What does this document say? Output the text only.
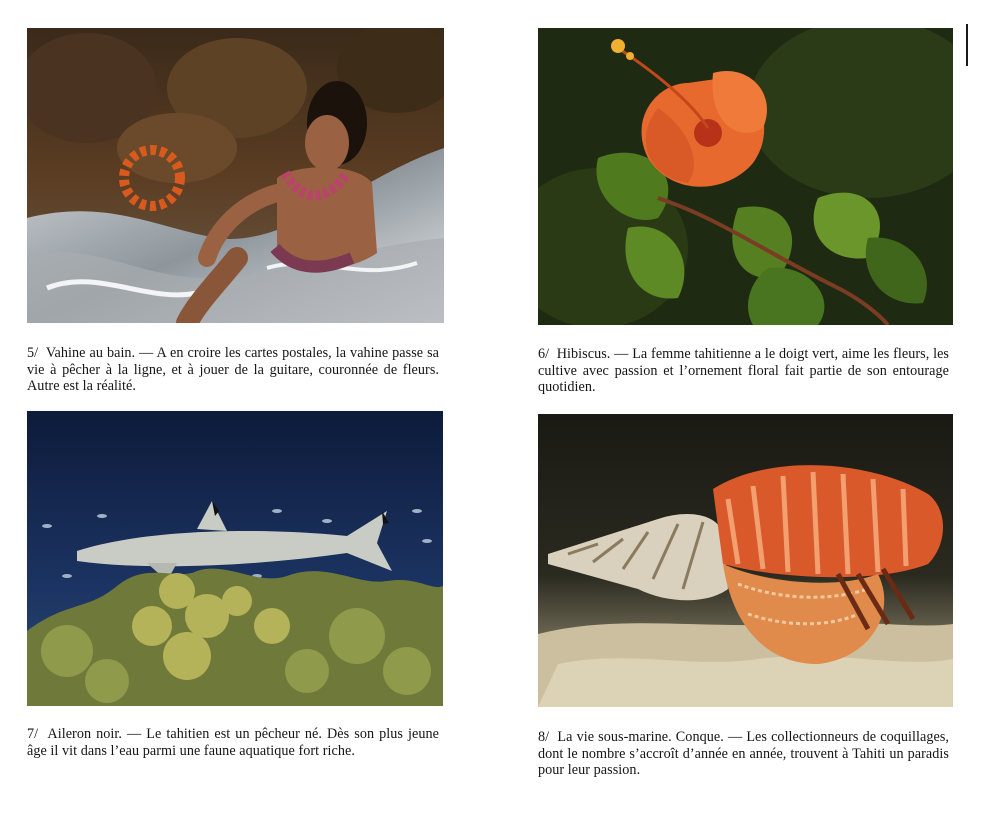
5/ Vahine au bain. — A en croire les cartes postales, la vahine passe sa vie à pêcher à la ligne, et à jouer de la guitare, couronnée de fleurs. Autre est la réalité.

6/ Hibiscus. — La femme tahitienne a le doigt vert, aime les fleurs, les cultive avec passion et l’ornement floral fait partie de son entourage quotidien.

7/ Aileron noir. — Le tahitien est un pêcheur né. Dès son plus jeune âge il vit dans l’eau parmi une faune aquatique fort riche.

8/ La vie sous-marine. Conque. — Les collectionneurs de coquillages, dont le nombre s’accroît d’année en année, trouvent à Tahiti un paradis pour leur passion.
